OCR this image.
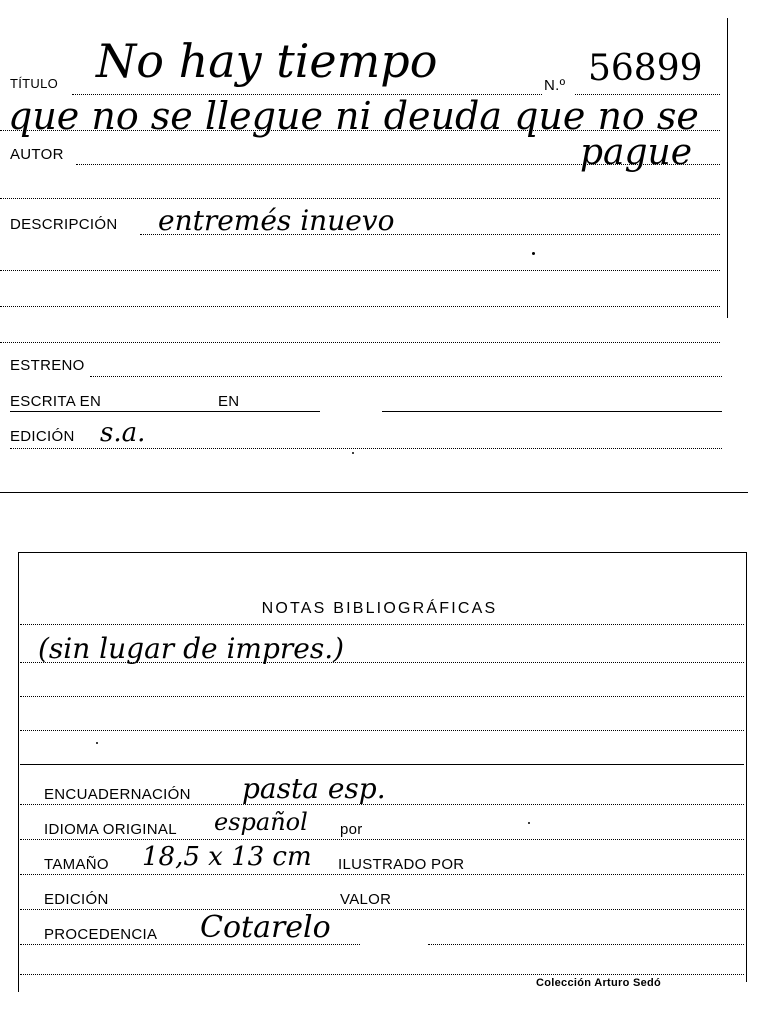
TÍTULO No hay tiempo	N.º 56899
que no se llegue ni deuda que no se
AUTOR	pague
DESCRIPCIÓN entremés inuevo
ESTRENO
ESCRITA EN	EN
EDICIÓN s.a.
NOTAS BIBLIOGRÁFICAS
(sin lugar de impres.)
ENCUADERNACIÓN pasta esp.
IDIOMA ORIGINAL español por
TAMAÑO 18,5 x 13 cm ILUSTRADO POR
EDICIÓN	VALOR
PROCEDENCIA Cotarelo
Colección Arturo Sedó
